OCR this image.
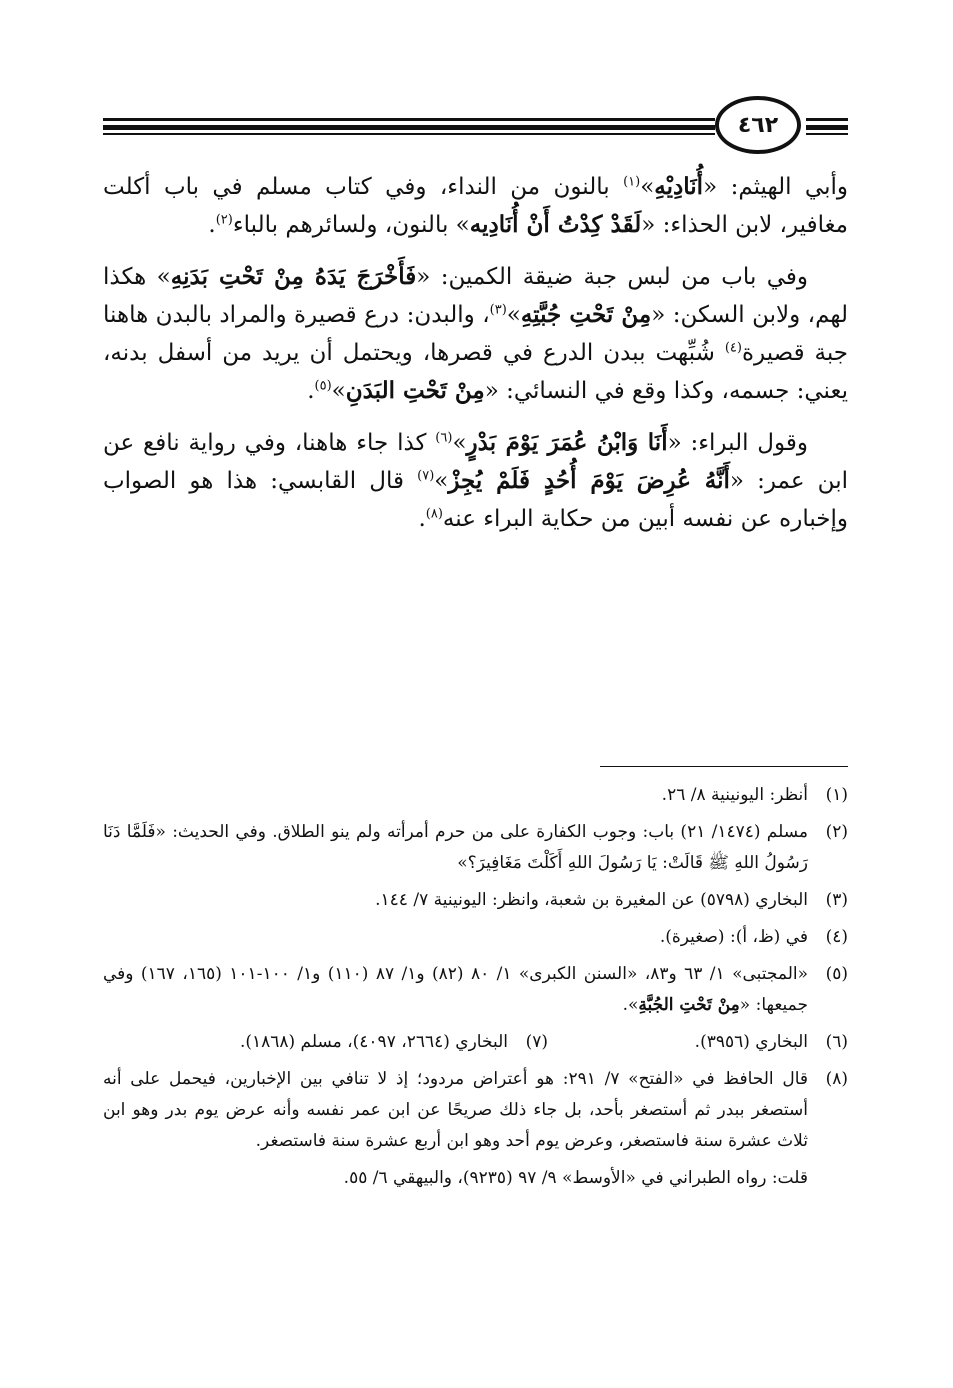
٤٦٢

وأبي الهيثم: «أُنَادِيْهِ»$^{(١)}$ بالنون من النداء، وفي كتاب مسلم في باب أكلت مغافير، لابن الحذاء: «لَقَدْ كِدْتُ أَنْ أُنَادِيه» بالنون، ولسائرهم بالباء$^{(٢)}$.

وفي باب من لبس جبة ضيقة الكمين: «فَأَخْرَجَ يَدَهُ مِنْ تَحْتِ بَدَنِهِ» هكذا لهم، ولابن السكن: «مِنْ تَحْتِ جُبَّتِهِ»$^{(٣)}$، والبدن: درع قصيرة والمراد بالبدن هاهنا جبة قصيرة$^{(٤)}$ شُبِّهت ببدن الدرع في قصرها، ويحتمل أن يريد من أسفل بدنه، يعني: جسمه، وكذا وقع في النسائي: «مِنْ تَحْتِ البَدَنِ»$^{(٥)}$.

وقول البراء: «أَنَا وَابْنُ عُمَرَ يَوْمَ بَدْرٍ»$^{(٦)}$ كذا جاء هاهنا، وفي رواية نافع عن ابن عمر: «أَنَّهُ عُرِضَ يَوْمَ أُحُدٍ فَلَمْ يُجِزْ»$^{(٧)}$ قال القابسي: هذا هو الصواب وإخباره عن نفسه أبين من حكاية البراء عنه$^{(٨)}$.

(١)
أنظر: اليونينية ٨/ ٢٦.
(٢)
مسلم (١٤٧٤/ ٢١) باب: وجوب الكفارة على من حرم أمرأته ولم ينو الطلاق. وفي الحديث: «فَلَمَّا دَنَا رَسُولُ اللهِ ﷺ قَالَتْ: يَا رَسُولَ اللهِ أَكَلْتَ مَغَافِيرَ؟»
(٣)
البخاري (٥٧٩٨) عن المغيرة بن شعبة، وانظر: اليونينية ٧/ ١٤٤.
(٤)
في (ظ، أ): (صغيرة).
(٥)
«المجتبى» ١/ ٦٣ و٨٣، «السنن الكبرى» ١/ ٨٠ (٨٢) و١/ ٨٧ (١١٠) و١/ ١٠٠-١٠١ (١٦٥، ١٦٧) وفي جميعها: «مِنْ تَحْتِ الجُبَّةِ».
(٦)
البخاري (٣٩٥٦).
(٧)
البخاري (٢٦٦٤، ٤٠٩٧)، مسلم (١٨٦٨).
(٨)
قال الحافظ في «الفتح» ٧/ ٢٩١: هو أعتراض مردود؛ إذ لا تنافي بين الإخبارين، فيحمل على أنه أستصغر ببدر ثم أستصغر بأحد، بل جاء ذلك صريحًا عن ابن عمر نفسه وأنه عرض يوم بدر وهو ابن ثلاث عشرة سنة فاستصغر، وعرض يوم أحد وهو ابن أربع عشرة سنة فاستصغر.
قلت: رواه الطبراني في «الأوسط» ٩/ ٩٧ (٩٢٣٥)، والبيهقي ٦/ ٥٥.
